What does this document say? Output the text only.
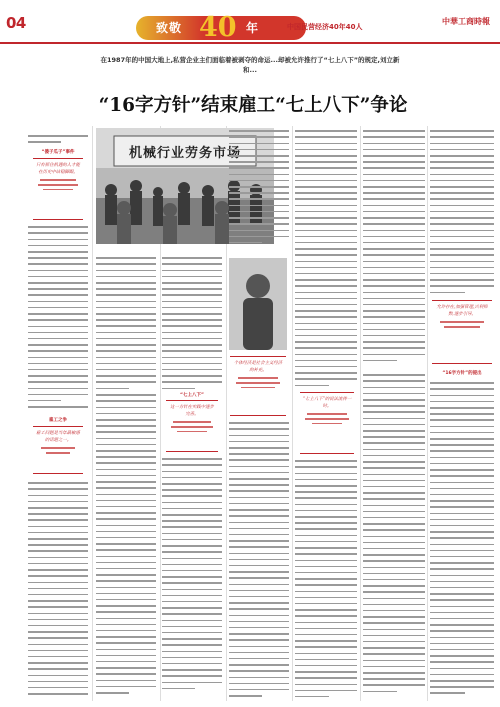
04	致敬 40 年	中国民营经济40年40人
中華工商時報
在1987年的中国大地上,私营企业主们面临着被剥夺的命运...却被允许推行了“七上八下”的规定,刘立新和...
“16字方针”结束雇工“七上八下”争论
“傻子瓜子”事件
只有抓住机遇的人才能在历史中站稳脚跟。
雇工之争
雇工问题是当年最敏感的话题之一。
机械行业劳务市场
“七上八下”
这一方针在实践中逐步完善。
个体经济是社会主义经济的补充。
“七上八下”的说法流传一时。
“16字方针”的提出
允许存在,加强管理,兴利抑弊,逐步引导。
